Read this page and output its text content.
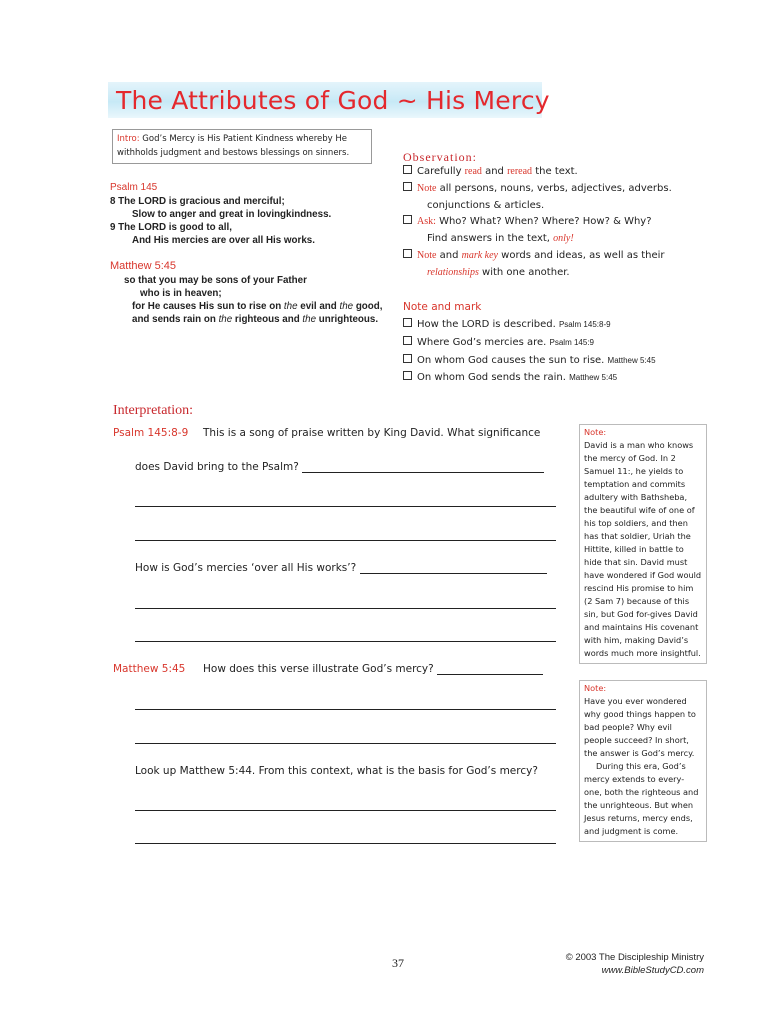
The Attributes of God ~ His Mercy
Intro: God’s Mercy is His Patient Kindness whereby He withholds judgment and bestows blessings on sinners.
Psalm 145
8 The LORD is gracious and merciful;
Slow to anger and great in lovingkindness.
9 The LORD is good to all,
And His mercies are over all His works.
Matthew 5:45
so that you may be sons of your Father
who is in heaven;
for He causes His sun to rise on the evil and the good,
and sends rain on the righteous and the unrighteous.
Observation:
Carefully read and reread the text.
Note all persons, nouns, verbs, adjectives, adverbs.
conjunctions & articles.
Ask: Who? What? When? Where? How? & Why?
Find answers in the text, only!
Note and mark key words and ideas, as well as their
relationships with one another.
Note and mark
How the LORD is described. Psalm 145:8-9
Where God’s mercies are. Psalm 145:9
On whom God causes the sun to rise. Matthew 5:45
On whom God sends the rain. Matthew 5:45
Interpretation:
Psalm 145:8-9 This is a song of praise written by King David. What significance
does David bring to the Psalm?
How is God’s mercies ‘over all His works’?
Matthew 5:45 How does this verse illustrate God’s mercy?
Look up Matthew 5:44. From this context, what is the basis for God’s mercy?
Note:
David is a man who knows the mercy of God. In 2 Samuel 11:, he yields to temptation and commits adultery with Bathsheba, the beautiful wife of one of his top soldiers, and then has that soldier, Uriah the Hittite, killed in battle to hide that sin. David must have wondered if God would rescind His promise to him (2 Sam 7) because of this sin, but God for-gives David and maintains His covenant with him, making David’s words much more insightful.
Note:
Have you ever wondered why good things happen to bad people? Why evil people succeed? In short, the answer is God’s mercy.
During this era, God’s mercy extends to every-one, both the righteous and the unrighteous. But when Jesus returns, mercy ends, and judgment is come.
37	© 2003 The Discipleship Ministry
www.BibleStudyCD.com
